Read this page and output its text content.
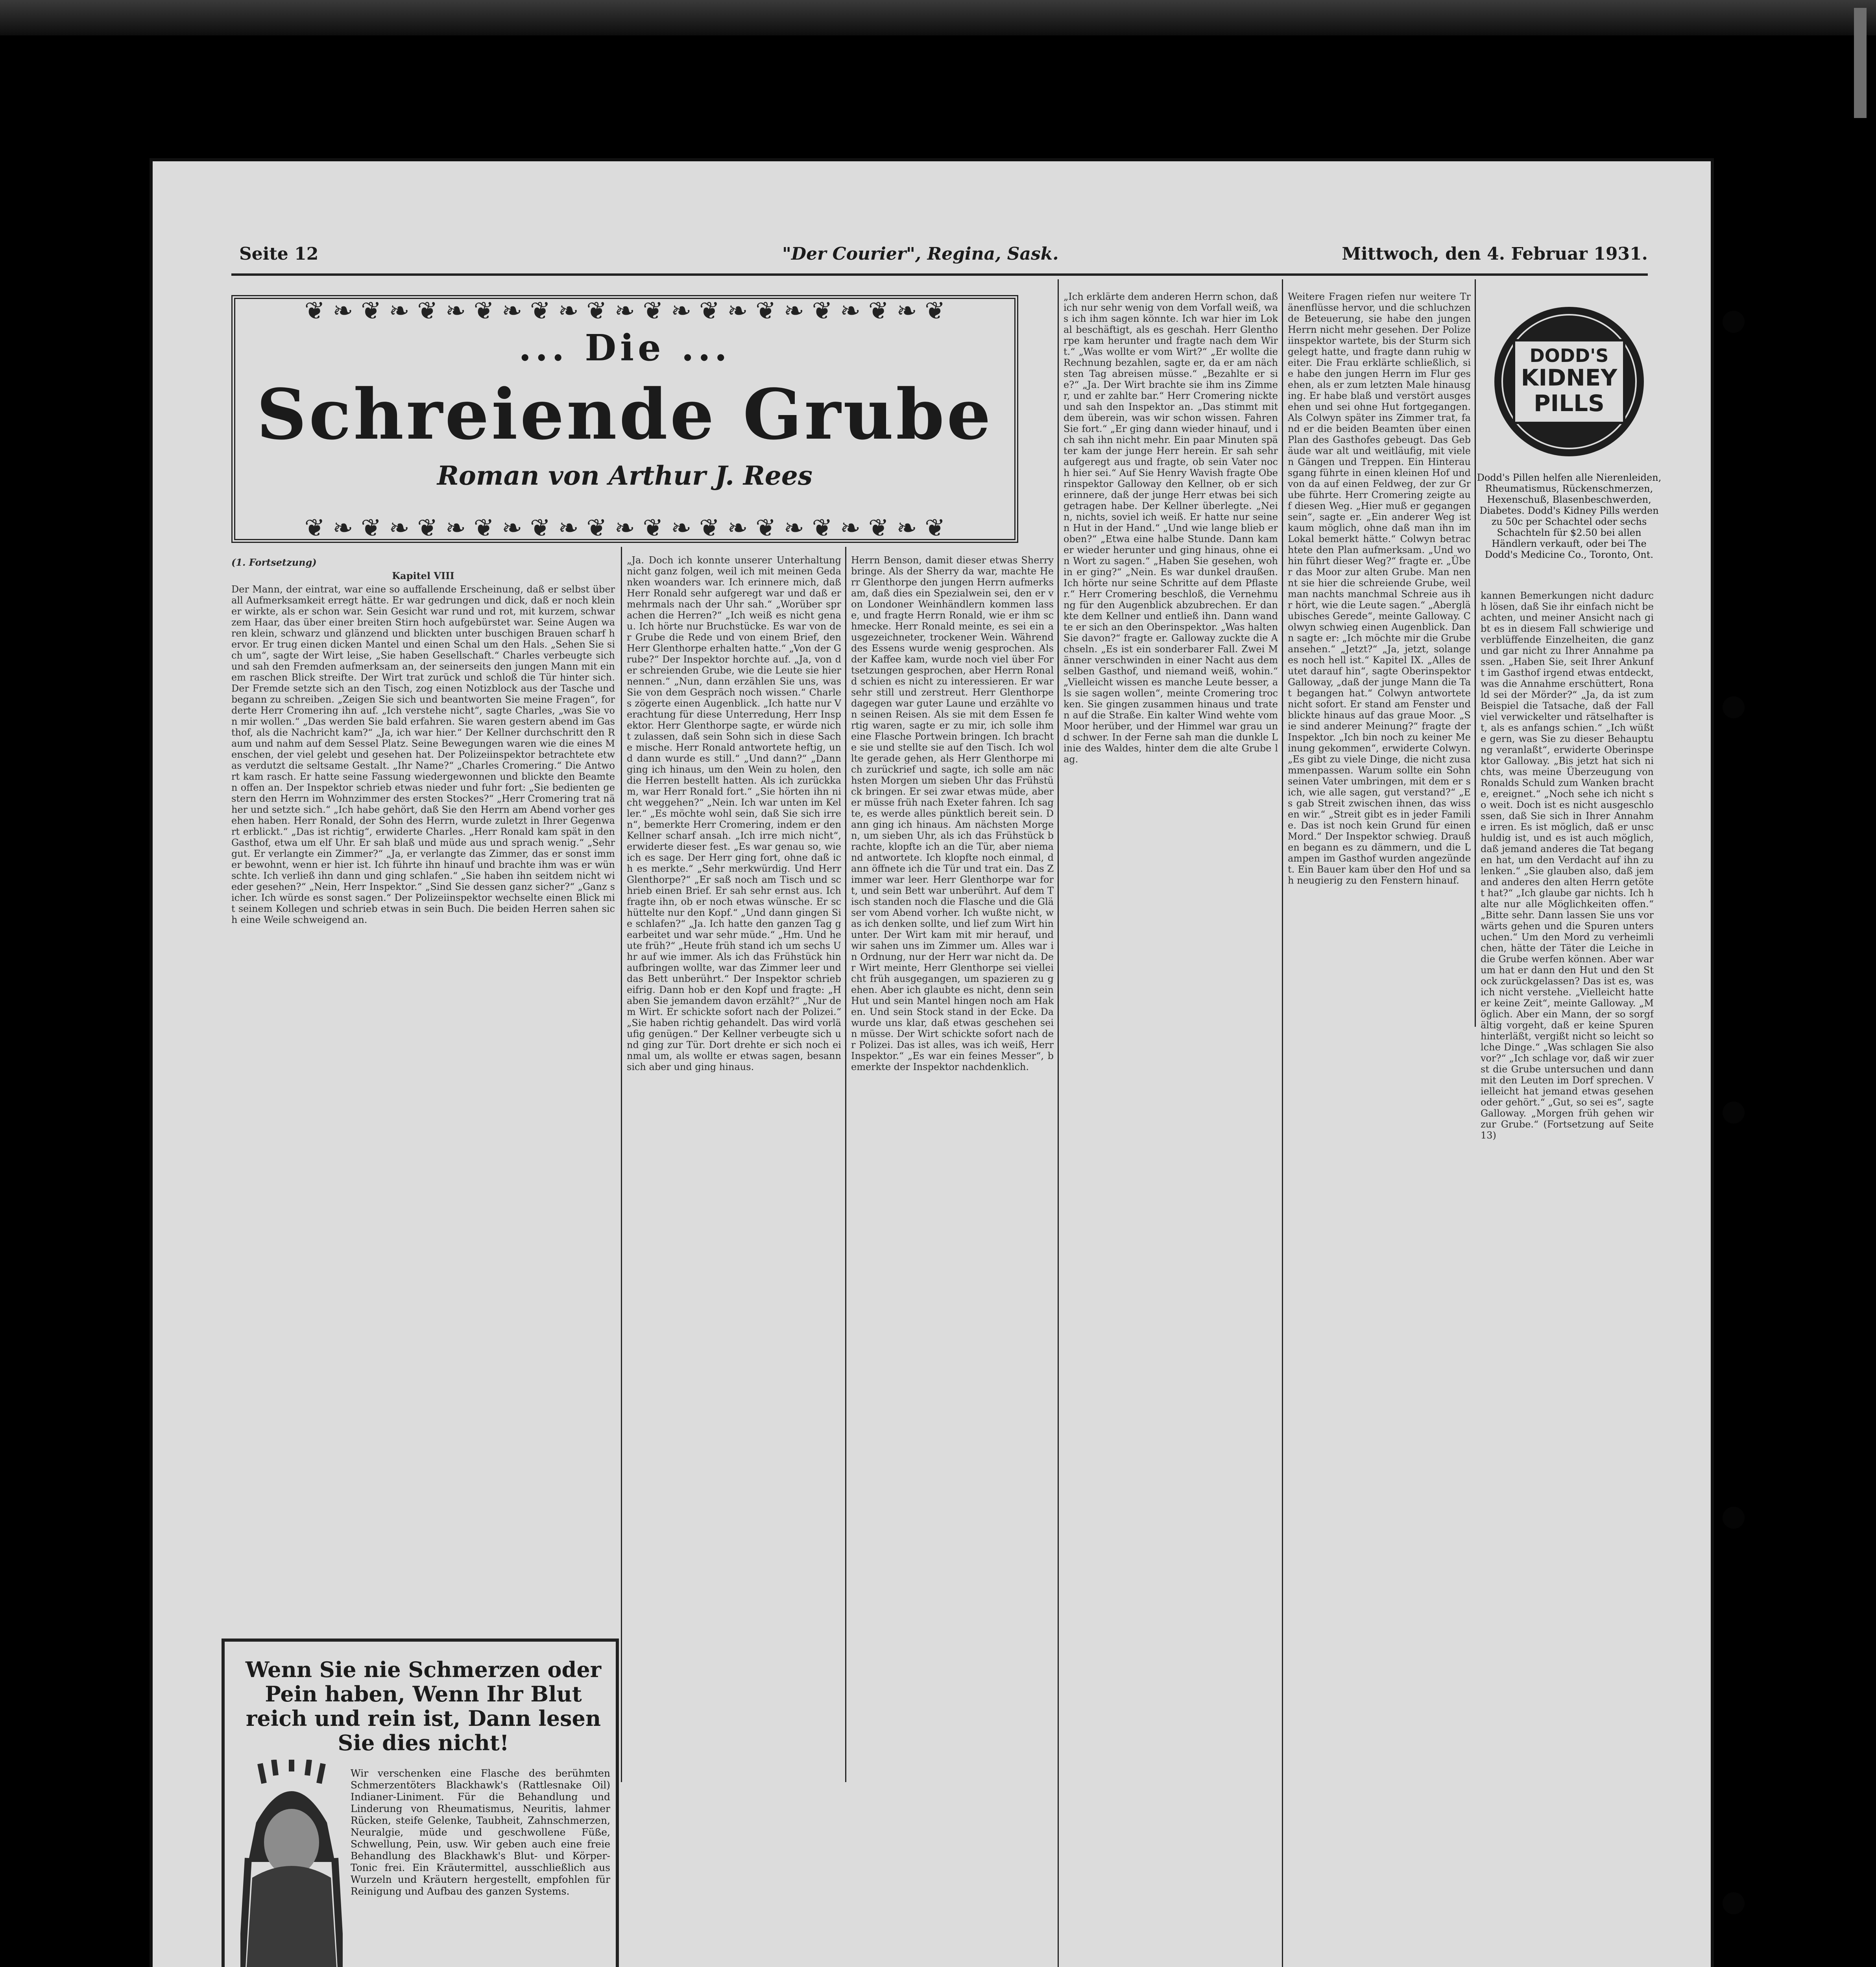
Seite 12	"Der Courier", Regina, Sask.	Mittwoch, den 4. Februar 1931.
❦ ❧ ❦ ❧ ❦ ❧ ❦ ❧ ❦ ❧ ❦ ❧ ❦ ❧ ❦ ❧ ❦ ❧ ❦ ❧ ❦ ❧ ❦
❦ ❧ ❦ ❧ ❦ ❧ ❦ ❧ ❦ ❧ ❦ ❧ ❦ ❧ ❦ ❧ ❦ ❧ ❦ ❧ ❦ ❧ ❦
... Die ...
Schreiende Grube
Roman von Arthur J. Rees
(1. Fortsetzung)
Kapitel VIII
Der Mann, der eintrat, war eine so auffallende Erscheinung, daß er selbst überall Aufmerksamkeit erregt hätte. Er war gedrungen und dick, daß er noch kleiner wirkte, als er schon war. Sein Gesicht war rund und rot, mit kurzem, schwarzem Haar, das über einer breiten Stirn hoch aufgebürstet war. Seine Augen waren klein, schwarz und glänzend und blickten unter buschigen Brauen scharf hervor. Er trug einen dicken Mantel und einen Schal um den Hals. „Sehen Sie sich um“, sagte der Wirt leise, „Sie haben Gesellschaft.“ Charles verbeugte sich und sah den Fremden aufmerksam an, der seinerseits den jungen Mann mit einem raschen Blick streifte. Der Wirt trat zurück und schloß die Tür hinter sich. Der Fremde setzte sich an den Tisch, zog einen Notizblock aus der Tasche und begann zu schreiben. „Zeigen Sie sich und beantworten Sie meine Fragen“, forderte Herr Cromering ihn auf. „Ich verstehe nicht“, sagte Charles, „was Sie von mir wollen.“ „Das werden Sie bald erfahren. Sie waren gestern abend im Gasthof, als die Nachricht kam?“ „Ja, ich war hier.“ Der Kellner durchschritt den Raum und nahm auf dem Sessel Platz. Seine Bewegungen waren wie die eines Menschen, der viel gelebt und gesehen hat. Der Polizeiinspektor betrachtete etwas verdutzt die seltsame Gestalt. „Ihr Name?“ „Charles Cromering.“ Die Antwort kam rasch. Er hatte seine Fassung wiedergewonnen und blickte den Beamten offen an. Der Inspektor schrieb etwas nieder und fuhr fort: „Sie bedienten gestern den Herrn im Wohnzimmer des ersten Stockes?“ „Herr Cromering trat näher und setzte sich.“ „Ich habe gehört, daß Sie den Herrn am Abend vorher gesehen haben. Herr Ronald, der Sohn des Herrn, wurde zuletzt in Ihrer Gegenwart erblickt.“ „Das ist richtig“, erwiderte Charles. „Herr Ronald kam spät in den Gasthof, etwa um elf Uhr. Er sah blaß und müde aus und sprach wenig.“ „Sehr gut. Er verlangte ein Zimmer?“ „Ja, er verlangte das Zimmer, das er sonst immer bewohnt, wenn er hier ist. Ich führte ihn hinauf und brachte ihm was er wünschte. Ich verließ ihn dann und ging schlafen.“ „Sie haben ihn seitdem nicht wieder gesehen?“ „Nein, Herr Inspektor.“ „Sind Sie dessen ganz sicher?“ „Ganz sicher. Ich würde es sonst sagen.“ Der Polizeiinspektor wechselte einen Blick mit seinem Kollegen und schrieb etwas in sein Buch. Die beiden Herren sahen sich eine Weile schweigend an.
„Ja. Doch ich konnte unserer Unterhaltung nicht ganz folgen, weil ich mit meinen Gedanken woanders war. Ich erinnere mich, daß Herr Ronald sehr aufgeregt war und daß er mehrmals nach der Uhr sah.“ „Worüber sprachen die Herren?“ „Ich weiß es nicht genau. Ich hörte nur Bruchstücke. Es war von der Grube die Rede und von einem Brief, den Herr Glenthorpe erhalten hatte.“ „Von der Grube?“ Der Inspektor horchte auf. „Ja, von der schreienden Grube, wie die Leute sie hier nennen.“ „Nun, dann erzählen Sie uns, was Sie von dem Gespräch noch wissen.“ Charles zögerte einen Augenblick. „Ich hatte nur Verachtung für diese Unterredung, Herr Inspektor. Herr Glenthorpe sagte, er würde nicht zulassen, daß sein Sohn sich in diese Sache mische. Herr Ronald antwortete heftig, und dann wurde es still.“ „Und dann?“ „Dann ging ich hinaus, um den Wein zu holen, den die Herren bestellt hatten. Als ich zurückkam, war Herr Ronald fort.“ „Sie hörten ihn nicht weggehen?“ „Nein. Ich war unten im Keller.“ „Es möchte wohl sein, daß Sie sich irren“, bemerkte Herr Cromering, indem er den Kellner scharf ansah. „Ich irre mich nicht“, erwiderte dieser fest. „Es war genau so, wie ich es sage. Der Herr ging fort, ohne daß ich es merkte.“ „Sehr merkwürdig. Und Herr Glenthorpe?“ „Er saß noch am Tisch und schrieb einen Brief. Er sah sehr ernst aus. Ich fragte ihn, ob er noch etwas wünsche. Er schüttelte nur den Kopf.“ „Und dann gingen Sie schlafen?“ „Ja. Ich hatte den ganzen Tag gearbeitet und war sehr müde.“ „Hm. Und heute früh?“ „Heute früh stand ich um sechs Uhr auf wie immer. Als ich das Frühstück hinaufbringen wollte, war das Zimmer leer und das Bett unberührt.“ Der Inspektor schrieb eifrig. Dann hob er den Kopf und fragte: „Haben Sie jemandem davon erzählt?“ „Nur dem Wirt. Er schickte sofort nach der Polizei.“ „Sie haben richtig gehandelt. Das wird vorläufig genügen.“ Der Kellner verbeugte sich und ging zur Tür. Dort drehte er sich noch einmal um, als wollte er etwas sagen, besann sich aber und ging hinaus.
Herrn Benson, damit dieser etwas Sherry bringe. Als der Sherry da war, machte Herr Glenthorpe den jungen Herrn aufmerksam, daß dies ein Spezialwein sei, den er von Londoner Weinhändlern kommen lasse, und fragte Herrn Ronald, wie er ihm schmecke. Herr Ronald meinte, es sei ein ausgezeichneter, trockener Wein. Während des Essens wurde wenig gesprochen. Als der Kaffee kam, wurde noch viel über Fortsetzungen gesprochen, aber Herrn Ronald schien es nicht zu interessieren. Er war sehr still und zerstreut. Herr Glenthorpe dagegen war guter Laune und erzählte von seinen Reisen. Als sie mit dem Essen fertig waren, sagte er zu mir, ich solle ihm eine Flasche Portwein bringen. Ich brachte sie und stellte sie auf den Tisch. Ich wollte gerade gehen, als Herr Glenthorpe mich zurückrief und sagte, ich solle am nächsten Morgen um sieben Uhr das Frühstück bringen. Er sei zwar etwas müde, aber er müsse früh nach Exeter fahren. Ich sagte, es werde alles pünktlich bereit sein. Dann ging ich hinaus. Am nächsten Morgen, um sieben Uhr, als ich das Frühstück brachte, klopfte ich an die Tür, aber niemand antwortete. Ich klopfte noch einmal, dann öffnete ich die Tür und trat ein. Das Zimmer war leer. Herr Glenthorpe war fort, und sein Bett war unberührt. Auf dem Tisch standen noch die Flasche und die Gläser vom Abend vorher. Ich wußte nicht, was ich denken sollte, und lief zum Wirt hinunter. Der Wirt kam mit mir herauf, und wir sahen uns im Zimmer um. Alles war in Ordnung, nur der Herr war nicht da. Der Wirt meinte, Herr Glenthorpe sei vielleicht früh ausgegangen, um spazieren zu gehen. Aber ich glaubte es nicht, denn sein Hut und sein Mantel hingen noch am Haken. Und sein Stock stand in der Ecke. Da wurde uns klar, daß etwas geschehen sein müsse. Der Wirt schickte sofort nach der Polizei. Das ist alles, was ich weiß, Herr Inspektor.“ „Es war ein feines Messer“, bemerkte der Inspektor nachdenklich.
„Ich erklärte dem anderen Herrn schon, daß ich nur sehr wenig von dem Vorfall weiß, was ich ihm sagen könnte. Ich war hier im Lokal beschäftigt, als es geschah. Herr Glenthorpe kam herunter und fragte nach dem Wirt.“ „Was wollte er vom Wirt?“ „Er wollte die Rechnung bezahlen, sagte er, da er am nächsten Tag abreisen müsse.“ „Bezahlte er sie?“ „Ja. Der Wirt brachte sie ihm ins Zimmer, und er zahlte bar.“ Herr Cromering nickte und sah den Inspektor an. „Das stimmt mit dem überein, was wir schon wissen. Fahren Sie fort.“ „Er ging dann wieder hinauf, und ich sah ihn nicht mehr. Ein paar Minuten später kam der junge Herr herein. Er sah sehr aufgeregt aus und fragte, ob sein Vater noch hier sei.“ Auf Sie Henry Wavish fragte Oberinspektor Galloway den Kellner, ob er sich erinnere, daß der junge Herr etwas bei sich getragen habe. Der Kellner überlegte. „Nein, nichts, soviel ich weiß. Er hatte nur seinen Hut in der Hand.“ „Und wie lange blieb er oben?“ „Etwa eine halbe Stunde. Dann kam er wieder herunter und ging hinaus, ohne ein Wort zu sagen.“ „Haben Sie gesehen, wohin er ging?“ „Nein. Es war dunkel draußen. Ich hörte nur seine Schritte auf dem Pflaster.“ Herr Cromering beschloß, die Vernehmung für den Augenblick abzubrechen. Er dankte dem Kellner und entließ ihn. Dann wandte er sich an den Oberinspektor. „Was halten Sie davon?“ fragte er. Galloway zuckte die Achseln. „Es ist ein sonderbarer Fall. Zwei Männer verschwinden in einer Nacht aus demselben Gasthof, und niemand weiß, wohin.“ „Vielleicht wissen es manche Leute besser, als sie sagen wollen“, meinte Cromering trocken. Sie gingen zusammen hinaus und traten auf die Straße. Ein kalter Wind wehte vom Moor herüber, und der Himmel war grau und schwer. In der Ferne sah man die dunkle Linie des Waldes, hinter dem die alte Grube lag.
Weitere Fragen riefen nur weitere Tränenflüsse hervor, und die schluchzende Beteuerung, sie habe den jungen Herrn nicht mehr gesehen. Der Polizeiinspektor wartete, bis der Sturm sich gelegt hatte, und fragte dann ruhig weiter. Die Frau erklärte schließlich, sie habe den jungen Herrn im Flur gesehen, als er zum letzten Male hinausging. Er habe blaß und verstört ausgesehen und sei ohne Hut fortgegangen. Als Colwyn später ins Zimmer trat, fand er die beiden Beamten über einen Plan des Gasthofes gebeugt. Das Gebäude war alt und weitläufig, mit vielen Gängen und Treppen. Ein Hinterausgang führte in einen kleinen Hof und von da auf einen Feldweg, der zur Grube führte. Herr Cromering zeigte auf diesen Weg. „Hier muß er gegangen sein“, sagte er. „Ein anderer Weg ist kaum möglich, ohne daß man ihn im Lokal bemerkt hätte.“ Colwyn betrachtete den Plan aufmerksam. „Und wohin führt dieser Weg?“ fragte er. „Über das Moor zur alten Grube. Man nennt sie hier die schreiende Grube, weil man nachts manchmal Schreie aus ihr hört, wie die Leute sagen.“ „Abergläubisches Gerede“, meinte Galloway. Colwyn schwieg einen Augenblick. Dann sagte er: „Ich möchte mir die Grube ansehen.“ „Jetzt?“ „Ja, jetzt, solange es noch hell ist.“ Kapitel IX. „Alles deutet darauf hin“, sagte Oberinspektor Galloway, „daß der junge Mann die Tat begangen hat.“ Colwyn antwortete nicht sofort. Er stand am Fenster und blickte hinaus auf das graue Moor. „Sie sind anderer Meinung?“ fragte der Inspektor. „Ich bin noch zu keiner Meinung gekommen“, erwiderte Colwyn. „Es gibt zu viele Dinge, die nicht zusammenpassen. Warum sollte ein Sohn seinen Vater umbringen, mit dem er sich, wie alle sagen, gut verstand?“ „Es gab Streit zwischen ihnen, das wissen wir.“ „Streit gibt es in jeder Familie. Das ist noch kein Grund für einen Mord.“ Der Inspektor schwieg. Draußen begann es zu dämmern, und die Lampen im Gasthof wurden angezündet. Ein Bauer kam über den Hof und sah neugierig zu den Fenstern hinauf.
kannen Bemerkungen nicht dadurch lösen, daß Sie ihr einfach nicht beachten, und meiner Ansicht nach gibt es in diesem Fall schwierige und verblüffende Einzelheiten, die ganz und gar nicht zu Ihrer Annahme passen. „Haben Sie, seit Ihrer Ankunft im Gasthof irgend etwas entdeckt, was die Annahme erschüttert, Ronald sei der Mörder?“ „Ja, da ist zum Beispiel die Tatsache, daß der Fall viel verwickelter und rätselhafter ist, als es anfangs schien.“ „Ich wüßte gern, was Sie zu dieser Behauptung veranlaßt“, erwiderte Oberinspektor Galloway. „Bis jetzt hat sich nichts, was meine Überzeugung von Ronalds Schuld zum Wanken brachte, ereignet.“ „Noch sehe ich nicht so weit. Doch ist es nicht ausgeschlossen, daß Sie sich in Ihrer Annahme irren. Es ist möglich, daß er unschuldig ist, und es ist auch möglich, daß jemand anderes die Tat begangen hat, um den Verdacht auf ihn zu lenken.“ „Sie glauben also, daß jemand anderes den alten Herrn getötet hat?“ „Ich glaube gar nichts. Ich halte nur alle Möglichkeiten offen.“ „Bitte sehr. Dann lassen Sie uns vorwärts gehen und die Spuren untersuchen.“ Um den Mord zu verheimlichen, hätte der Täter die Leiche in die Grube werfen können. Aber warum hat er dann den Hut und den Stock zurückgelassen? Das ist es, was ich nicht verstehe. „Vielleicht hatte er keine Zeit“, meinte Galloway. „Möglich. Aber ein Mann, der so sorgfältig vorgeht, daß er keine Spuren hinterläßt, vergißt nicht so leicht solche Dinge.“ „Was schlagen Sie also vor?“ „Ich schlage vor, daß wir zuerst die Grube untersuchen und dann mit den Leuten im Dorf sprechen. Vielleicht hat jemand etwas gesehen oder gehört.“ „Gut, so sei es“, sagte Galloway. „Morgen früh gehen wir zur Grube.“ (Fortsetzung auf Seite 13)
DODD'S
KIDNEY
PILLS
Dodd's Pillen helfen alle Nierenleiden, Rheumatismus, Rückenschmerzen, Hexenschuß, Blasenbeschwerden, Diabetes. Dodd's Kidney Pills werden zu 50c per Schachtel oder sechs Schachteln für $2.50 bei allen Händlern verkauft, oder bei The Dodd's Medicine Co., Toronto, Ont.
Wenn Sie nie Schmerzen oder Pein haben, Wenn Ihr Blut reich und rein ist, Dann lesen Sie dies nicht!
Wir verschenken eine Flasche des berühmten Schmerzentöters Blackhawk's (Rattlesnake Oil) Indianer-Liniment. Für die Behandlung und Linderung von Rheumatismus, Neuritis, lahmer Rücken, steife Gelenke, Taubheit, Zahnschmerzen, Neuralgie, müde und geschwollene Füße, Schwellung, Pein, usw. Wir geben auch eine freie Behandlung des Blackhawk's Blut- und Körper-Tonic frei. Ein Kräutermittel, ausschließlich aus Wurzeln und Kräutern hergestellt, empfohlen für Reinigung und Aufbau des ganzen Systems.
